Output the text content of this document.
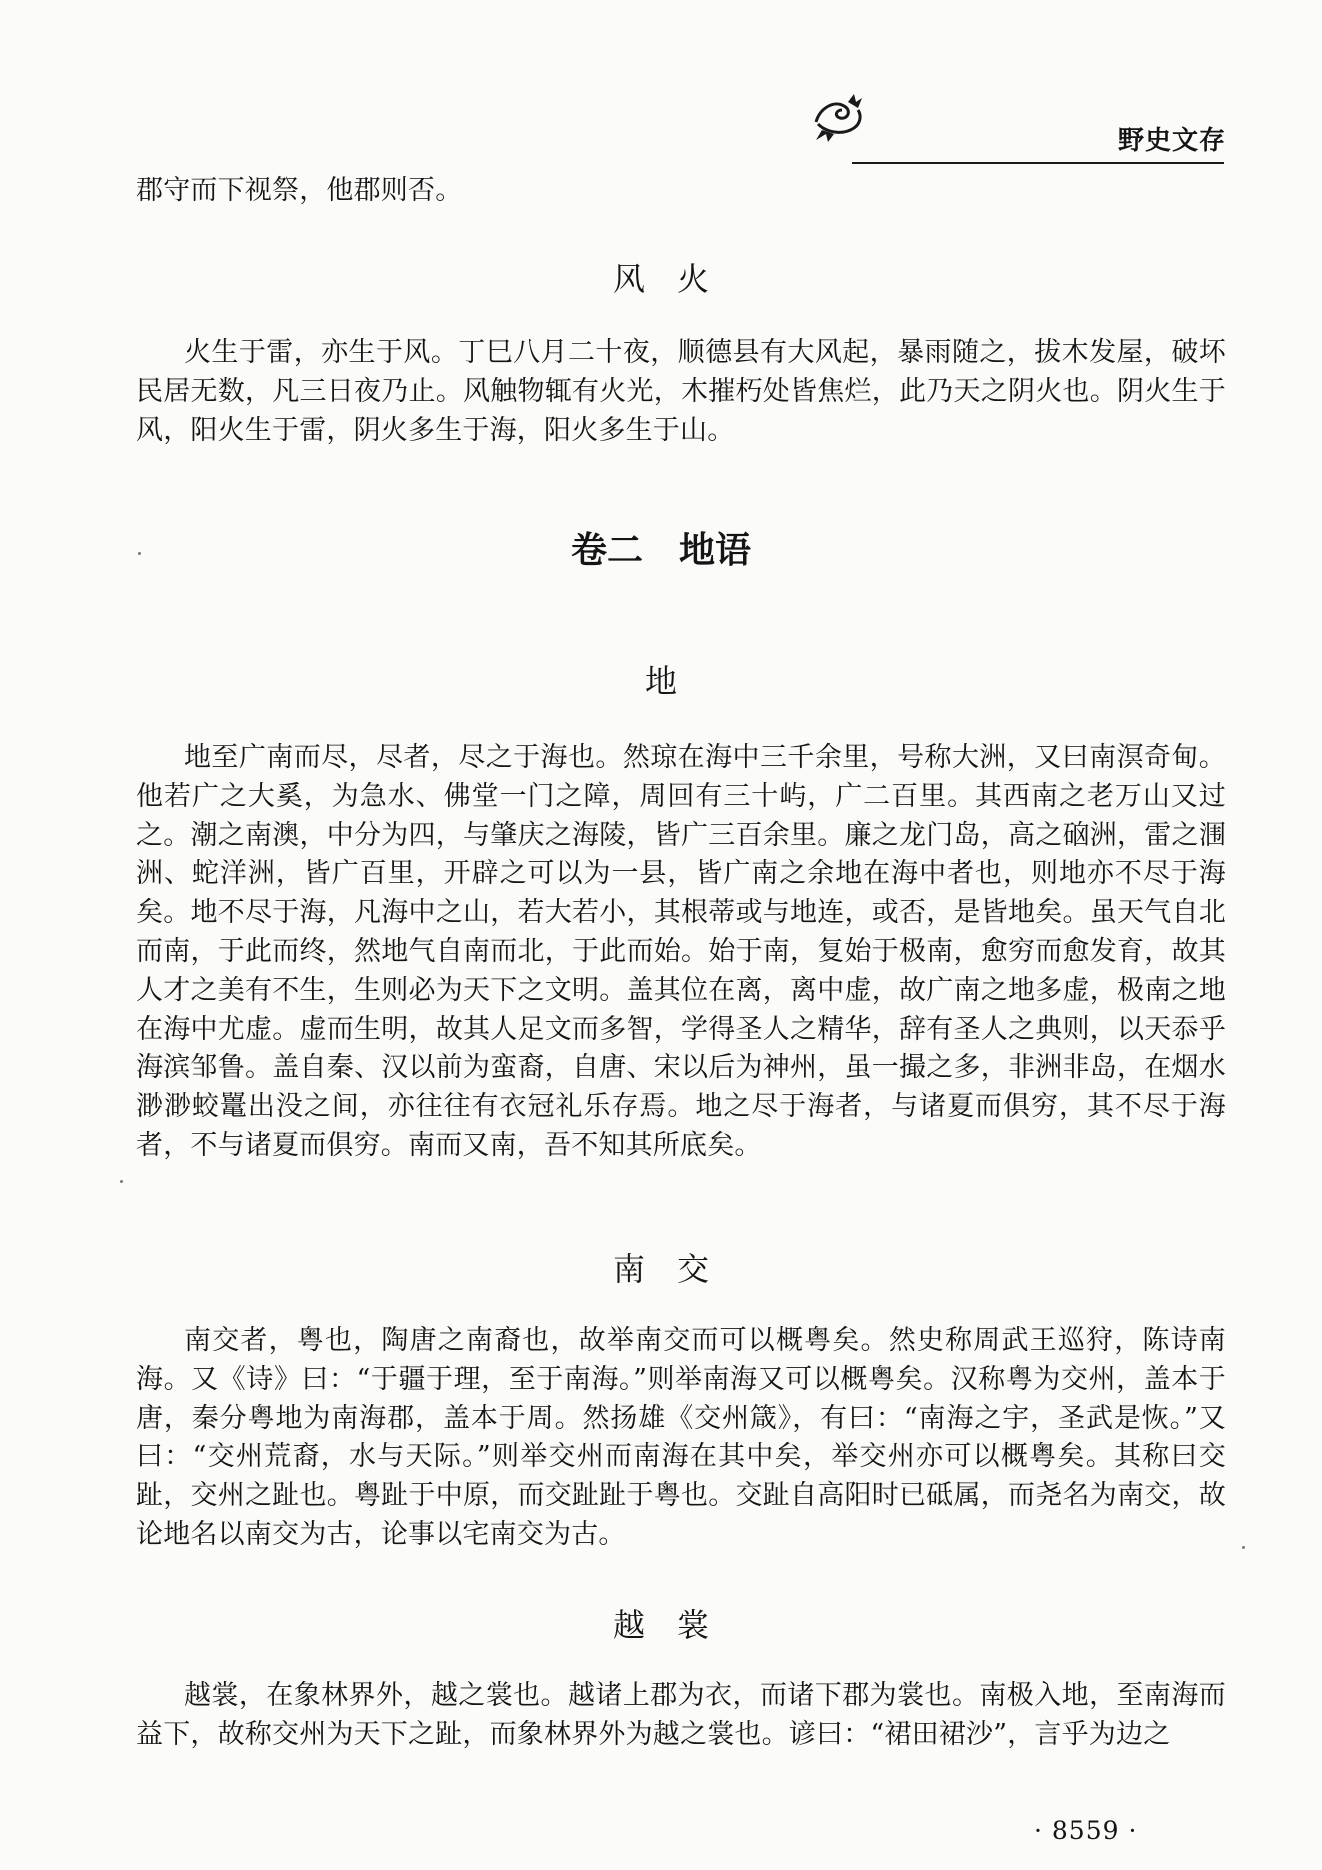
野史文存
郡守而下视祭，他郡则否。
风　火
火生于雷，亦生于风。丁巳八月二十夜，顺德县有大风起，暴雨随之，拔木发屋，破坏民居无数，凡三日夜乃止。风触物辄有火光，木摧朽处皆焦烂，此乃天之阴火也。阴火生于风，阳火生于雷，阴火多生于海，阳火多生于山。
卷二　地语
地
地至广南而尽，尽者，尽之于海也。然琼在海中三千余里，号称大洲，又曰南溟奇甸。他若广之大奚，为急水、佛堂一门之障，周回有三十屿，广二百里。其西南之老万山又过之。潮之南澳，中分为四，与肇庆之海陵，皆广三百余里。廉之龙门岛，高之硇洲，雷之涠洲、蛇洋洲，皆广百里，开辟之可以为一县，皆广南之余地在海中者也，则地亦不尽于海矣。地不尽于海，凡海中之山，若大若小，其根蒂或与地连，或否，是皆地矣。虽天气自北而南，于此而终，然地气自南而北，于此而始。始于南，复始于极南，愈穷而愈发育，故其人才之美有不生，生则必为天下之文明。盖其位在离，离中虚，故广南之地多虚，极南之地在海中尤虚。虚而生明，故其人足文而多智，学得圣人之精华，辞有圣人之典则，以天忝乎海滨邹鲁。盖自秦、汉以前为蛮裔，自唐、宋以后为神州，虽一撮之多，非洲非岛，在烟水渺渺蛟鼍出没之间，亦往往有衣冠礼乐存焉。地之尽于海者，与诸夏而俱穷，其不尽于海者，不与诸夏而俱穷。南而又南，吾不知其所底矣。
南　交
南交者，粤也，陶唐之南裔也，故举南交而可以概粤矣。然史称周武王巡狩，陈诗南海。又《诗》曰：“于疆于理，至于南海。”则举南海又可以概粤矣。汉称粤为交州，盖本于唐，秦分粤地为南海郡，盖本于周。然扬雄《交州箴》，有曰：“南海之宇，圣武是恢。”又曰：“交州荒裔，水与天际。”则举交州而南海在其中矣，举交州亦可以概粤矣。其称曰交趾，交州之趾也。粤趾于中原，而交趾趾于粤也。交趾自高阳时已砥属，而尧名为南交，故论地名以南交为古，论事以宅南交为古。
越　裳
越裳，在象林界外，越之裳也。越诸上郡为衣，而诸下郡为裳也。南极入地，至南海而益下，故称交州为天下之趾，而象林界外为越之裳也。谚曰：“裙田裙沙”，言乎为边之
· 8559 ·
